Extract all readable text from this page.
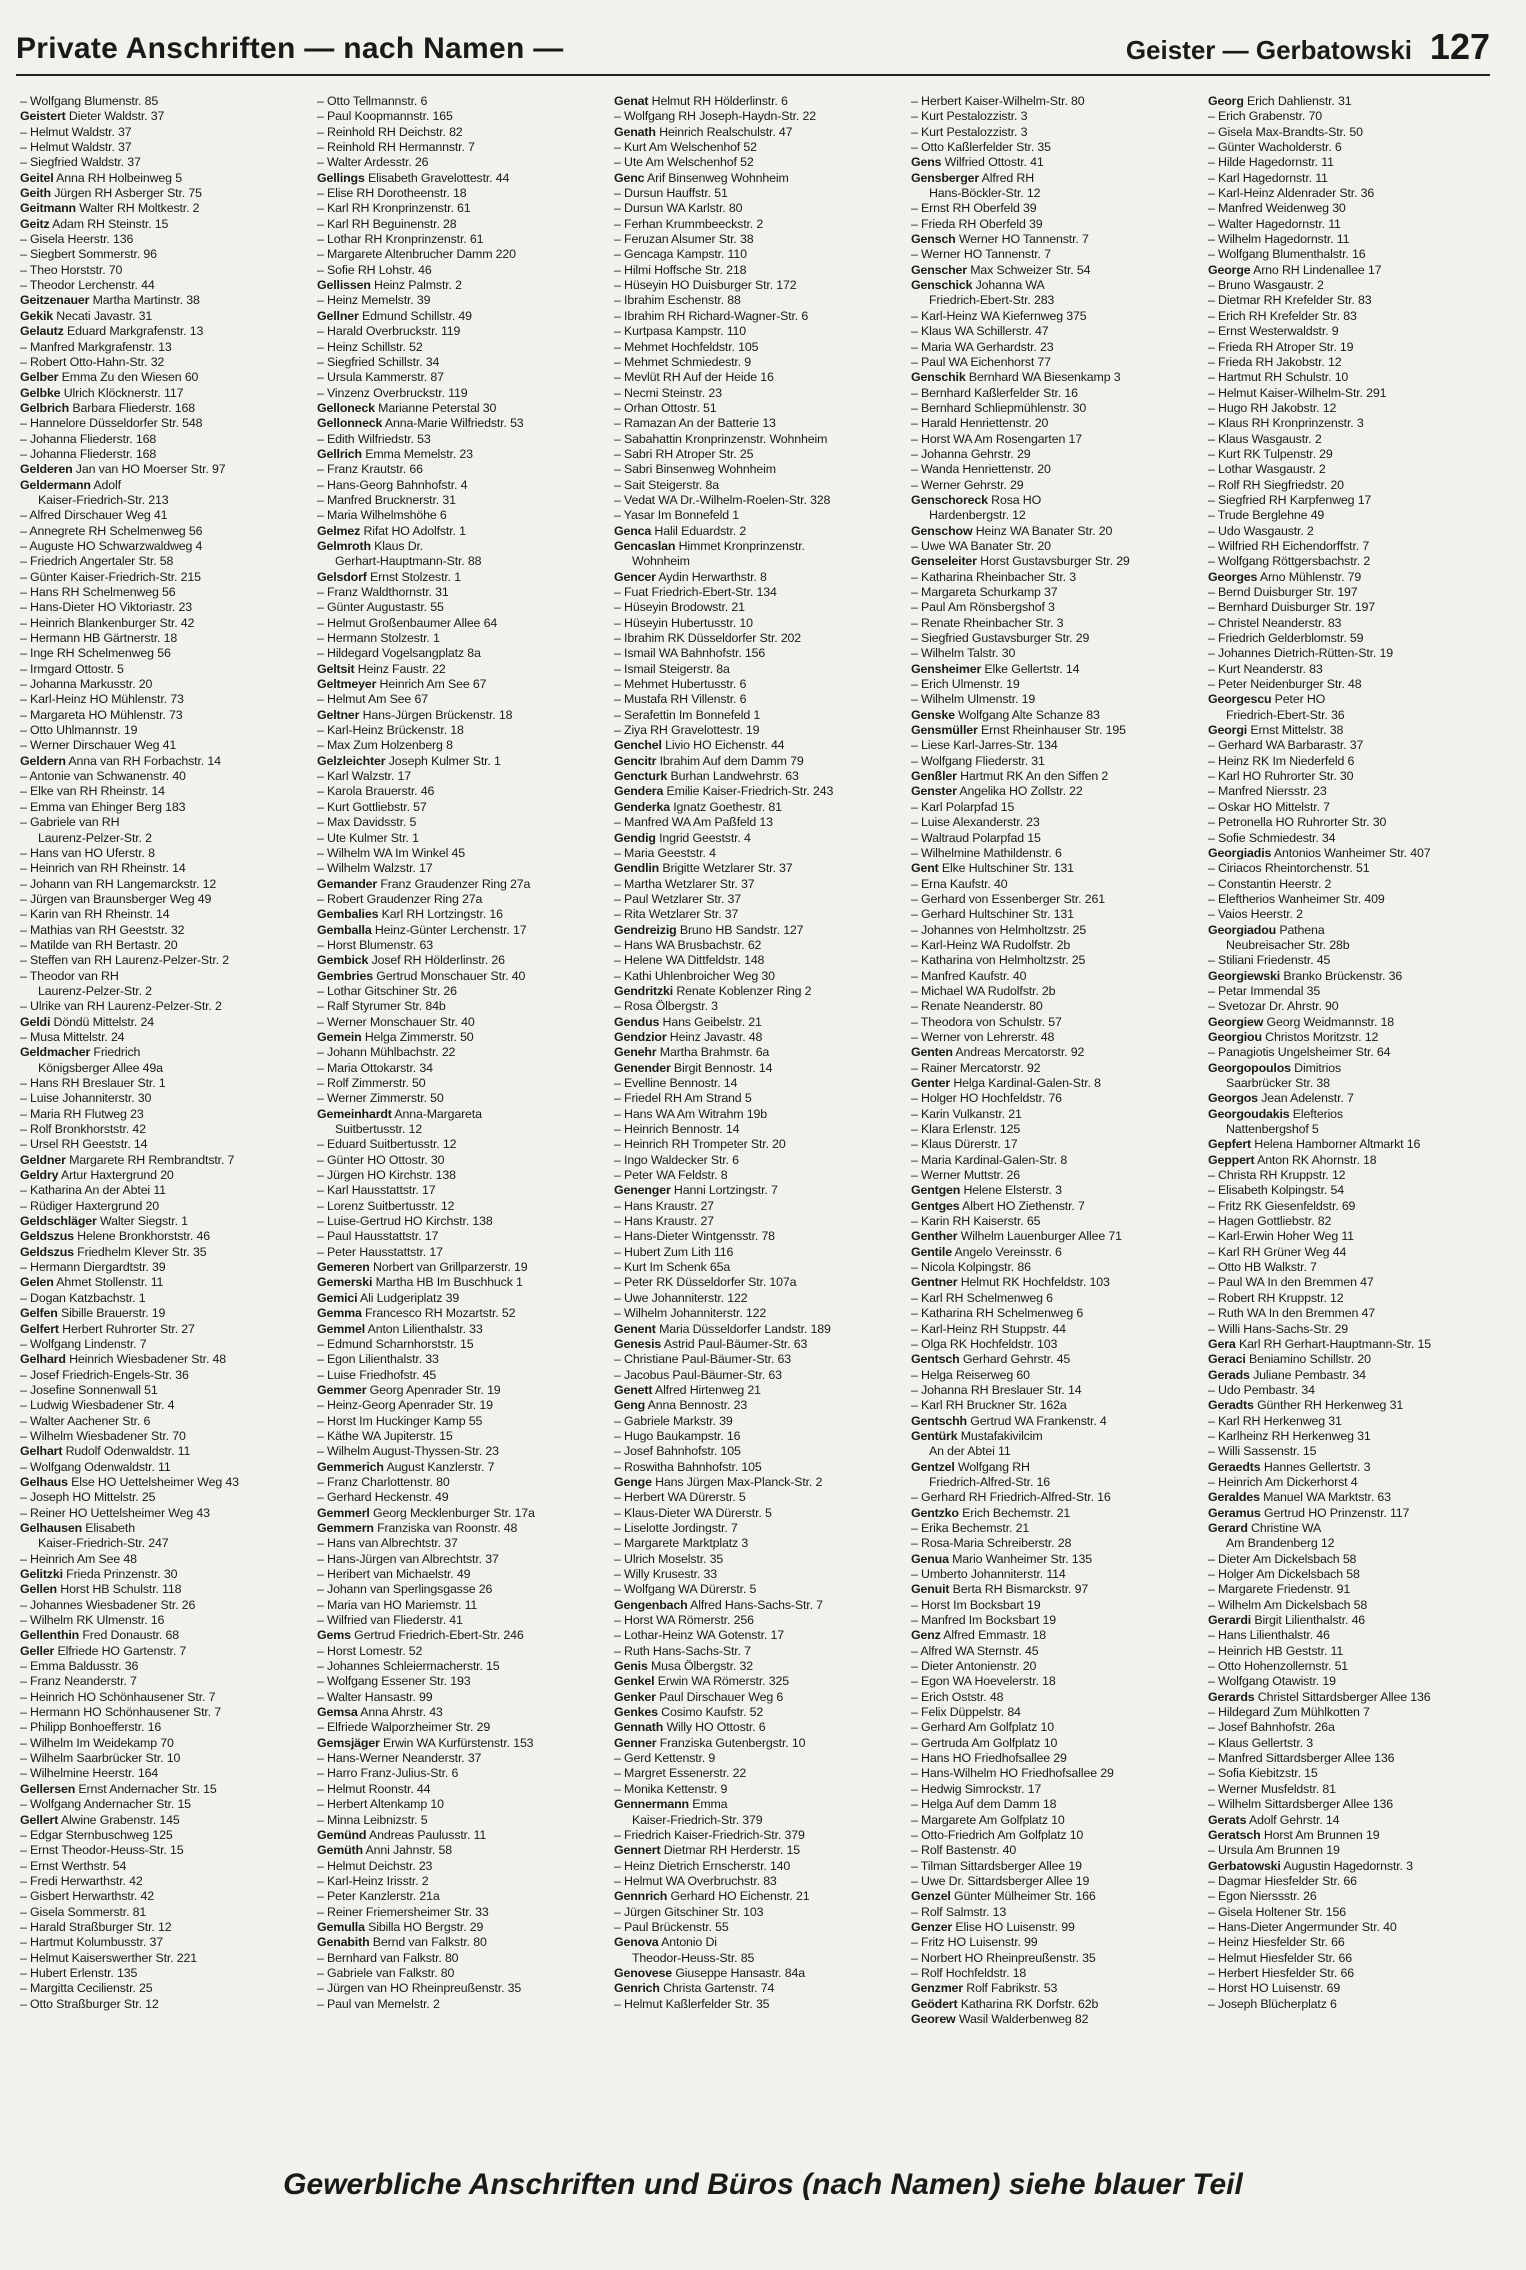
Private Anschriften — nach Namen —	Geister — Gerbatowski 127
– Wolfgang Blumenstr. 85
Geistert Dieter Waldstr. 37
– Helmut Waldstr. 37
– Helmut Waldstr. 37
– Siegfried Waldstr. 37
Geitel Anna RH Holbeinweg 5
Geith Jürgen RH Asberger Str. 75
Geitmann Walter RH Moltkestr. 2
Geitz Adam RH Steinstr. 15
– Gisela Heerstr. 136
– Siegbert Sommerstr. 96
– Theo Horststr. 70
– Theodor Lerchenstr. 44
Geitzenauer Martha Martinstr. 38
Gekik Necati Javastr. 31
Gelautz Eduard Markgrafenstr. 13
– Manfred Markgrafenstr. 13
– Robert Otto-Hahn-Str. 32
Gelber Emma Zu den Wiesen 60
Gelbke Ulrich Klöcknerstr. 117
Gelbrich Barbara Fliederstr. 168
– Hannelore Düsseldorfer Str. 548
– Johanna Fliederstr. 168
– Johanna Fliederstr. 168
Gelderen Jan van HO Moerser Str. 97
Geldermann Adolf
Kaiser-Friedrich-Str. 213
– Alfred Dirschauer Weg 41
– Annegrete RH Schelmenweg 56
– Auguste HO Schwarzwaldweg 4
– Friedrich Angertaler Str. 58
– Günter Kaiser-Friedrich-Str. 215
– Hans RH Schelmenweg 56
– Hans-Dieter HO Viktoriastr. 23
– Heinrich Blankenburger Str. 42
– Hermann HB Gärtnerstr. 18
– Inge RH Schelmenweg 56
– Irmgard Ottostr. 5
– Johanna Markusstr. 20
– Karl-Heinz HO Mühlenstr. 73
– Margareta HO Mühlenstr. 73
– Otto Uhlmannstr. 19
– Werner Dirschauer Weg 41
Geldern Anna van RH Forbachstr. 14
– Antonie van Schwanenstr. 40
– Elke van RH Rheinstr. 14
– Emma van Ehinger Berg 183
– Gabriele van RH
Laurenz-Pelzer-Str. 2
– Hans van HO Uferstr. 8
– Heinrich van RH Rheinstr. 14
– Johann van RH Langemarckstr. 12
– Jürgen van Braunsberger Weg 49
– Karin van RH Rheinstr. 14
– Mathias van RH Geeststr. 32
– Matilde van RH Bertastr. 20
– Steffen van RH Laurenz-Pelzer-Str. 2
– Theodor van RH
Laurenz-Pelzer-Str. 2
– Ulrike van RH Laurenz-Pelzer-Str. 2
Geldi Döndü Mittelstr. 24
– Musa Mittelstr. 24
Geldmacher Friedrich
Königsberger Allee 49a
– Hans RH Breslauer Str. 1
– Luise Johanniterstr. 30
– Maria RH Flutweg 23
– Rolf Bronkhorststr. 42
– Ursel RH Geeststr. 14
Geldner Margarete RH Rembrandtstr. 7
Geldry Artur Haxtergrund 20
– Katharina An der Abtei 11
– Rüdiger Haxtergrund 20
Geldschläger Walter Siegstr. 1
Geldszus Helene Bronkhorststr. 46
Geldszus Friedhelm Klever Str. 35
– Hermann Diergardtstr. 39
Gelen Ahmet Stollenstr. 11
– Dogan Katzbachstr. 1
Gelfen Sibille Brauerstr. 19
Gelfert Herbert Ruhrorter Str. 27
– Wolfgang Lindenstr. 7
Gelhard Heinrich Wiesbadener Str. 48
– Josef Friedrich-Engels-Str. 36
– Josefine Sonnenwall 51
– Ludwig Wiesbadener Str. 4
– Walter Aachener Str. 6
– Wilhelm Wiesbadener Str. 70
Gelhart Rudolf Odenwaldstr. 11
– Wolfgang Odenwaldstr. 11
Gelhaus Else HO Uettelsheimer Weg 43
– Joseph HO Mittelstr. 25
– Reiner HO Uettelsheimer Weg 43
Gelhausen Elisabeth
Kaiser-Friedrich-Str. 247
– Heinrich Am See 48
Gelitzki Frieda Prinzenstr. 30
Gellen Horst HB Schulstr. 118
– Johannes Wiesbadener Str. 26
– Wilhelm RK Ulmenstr. 16
Gellenthin Fred Donaustr. 68
Geller Elfriede HO Gartenstr. 7
– Emma Baldusstr. 36
– Franz Neanderstr. 7
– Heinrich HO Schönhausener Str. 7
– Hermann HO Schönhausener Str. 7
– Philipp Bonhoefferstr. 16
– Wilhelm Im Weidekamp 70
– Wilhelm Saarbrücker Str. 10
– Wilhelmine Heerstr. 164
Gellersen Ernst Andernacher Str. 15
– Wolfgang Andernacher Str. 15
Gellert Alwine Grabenstr. 145
– Edgar Sternbuschweg 125
– Ernst Theodor-Heuss-Str. 15
– Ernst Werthstr. 54
– Fredi Herwarthstr. 42
– Gisbert Herwarthstr. 42
– Gisela Sommerstr. 81
– Harald Straßburger Str. 12
– Hartmut Kolumbusstr. 37
– Helmut Kaiserswerther Str. 221
– Hubert Erlenstr. 135
– Margitta Cecilienstr. 25
– Otto Straßburger Str. 12
– Otto Tellmannstr. 6
– Paul Koopmannstr. 165
– Reinhold RH Deichstr. 82
– Reinhold RH Hermannstr. 7
– Walter Ardesstr. 26
Gellings Elisabeth Gravelottestr. 44
– Elise RH Dorotheenstr. 18
– Karl RH Kronprinzenstr. 61
– Karl RH Beguinenstr. 28
– Lothar RH Kronprinzenstr. 61
– Margarete Altenbrucher Damm 220
– Sofie RH Lohstr. 46
Gellissen Heinz Palmstr. 2
– Heinz Memelstr. 39
Gellner Edmund Schillstr. 49
– Harald Overbruckstr. 119
– Heinz Schillstr. 52
– Siegfried Schillstr. 34
– Ursula Kammerstr. 87
– Vinzenz Overbruckstr. 119
Gelloneck Marianne Peterstal 30
Gellonneck Anna-Marie Wilfriedstr. 53
– Edith Wilfriedstr. 53
Gellrich Emma Memelstr. 23
– Franz Krautstr. 66
– Hans-Georg Bahnhofstr. 4
– Manfred Brucknerstr. 31
– Maria Wilhelmshöhe 6
Gelmez Rifat HO Adolfstr. 1
Gelmroth Klaus Dr.
Gerhart-Hauptmann-Str. 88
Gelsdorf Ernst Stolzestr. 1
– Franz Waldthornstr. 31
– Günter Augustastr. 55
– Helmut Großenbaumer Allee 64
– Hermann Stolzestr. 1
– Hildegard Vogelsangplatz 8a
Geltsit Heinz Faustr. 22
Geltmeyer Heinrich Am See 67
– Helmut Am See 67
Geltner Hans-Jürgen Brückenstr. 18
– Karl-Heinz Brückenstr. 18
– Max Zum Holzenberg 8
Gelzleichter Joseph Kulmer Str. 1
– Karl Walzstr. 17
– Karola Brauerstr. 46
– Kurt Gottliebstr. 57
– Max Davidsstr. 5
– Ute Kulmer Str. 1
– Wilhelm WA Im Winkel 45
– Wilhelm Walzstr. 17
Gemander Franz Graudenzer Ring 27a
– Robert Graudenzer Ring 27a
Gembalies Karl RH Lortzingstr. 16
Gemballa Heinz-Günter Lerchenstr. 17
– Horst Blumenstr. 63
Gembick Josef RH Hölderlinstr. 26
Gembries Gertrud Monschauer Str. 40
– Lothar Gitschiner Str. 26
– Ralf Styrumer Str. 84b
– Werner Monschauer Str. 40
Gemein Helga Zimmerstr. 50
– Johann Mühlbachstr. 22
– Maria Ottokarstr. 34
– Rolf Zimmerstr. 50
– Werner Zimmerstr. 50
Gemeinhardt Anna-Margareta
Suitbertusstr. 12
– Eduard Suitbertusstr. 12
– Günter HO Ottostr. 30
– Jürgen HO Kirchstr. 138
– Karl Hausstattstr. 17
– Lorenz Suitbertusstr. 12
– Luise-Gertrud HO Kirchstr. 138
– Paul Hausstattstr. 17
– Peter Hausstattstr. 17
Gemeren Norbert van Grillparzerstr. 19
Gemerski Martha HB Im Buschhuck 1
Gemici Ali Ludgeriplatz 39
Gemma Francesco RH Mozartstr. 52
Gemmel Anton Lilienthalstr. 33
– Edmund Scharnhorststr. 15
– Egon Lilienthalstr. 33
– Luise Friedhofstr. 45
Gemmer Georg Apenrader Str. 19
– Heinz-Georg Apenrader Str. 19
– Horst Im Huckinger Kamp 55
– Käthe WA Jupiterstr. 15
– Wilhelm August-Thyssen-Str. 23
Gemmerich August Kanzlerstr. 7
– Franz Charlottenstr. 80
– Gerhard Heckenstr. 49
Gemmerl Georg Mecklenburger Str. 17a
Gemmern Franziska van Roonstr. 48
– Hans van Albrechtstr. 37
– Hans-Jürgen van Albrechtstr. 37
– Heribert van Michaelstr. 49
– Johann van Sperlingsgasse 26
– Maria van HO Mariemstr. 11
– Wilfried van Fliederstr. 41
Gems Gertrud Friedrich-Ebert-Str. 246
– Horst Lomestr. 52
– Johannes Schleiermacherstr. 15
– Wolfgang Essener Str. 193
– Walter Hansastr. 99
Gemsa Anna Ahrstr. 43
– Elfriede Walporzheimer Str. 29
Gemsjäger Erwin WA Kurfürstenstr. 153
– Hans-Werner Neanderstr. 37
– Harro Franz-Julius-Str. 6
– Helmut Roonstr. 44
– Herbert Altenkamp 10
– Minna Leibnizstr. 5
Gemünd Andreas Paulusstr. 11
Gemüth Anni Jahnstr. 58
– Helmut Deichstr. 23
– Karl-Heinz Irisstr. 2
– Peter Kanzlerstr. 21a
– Reiner Friemersheimer Str. 33
Gemulla Sibilla HO Bergstr. 29
Genabith Bernd van Falkstr. 80
– Bernhard van Falkstr. 80
– Gabriele van Falkstr. 80
– Jürgen van HO Rheinpreußenstr. 35
– Paul van Memelstr. 2
Genat Helmut RH Hölderlinstr. 6
– Wolfgang RH Joseph-Haydn-Str. 22
Genath Heinrich Realschulstr. 47
– Kurt Am Welschenhof 52
– Ute Am Welschenhof 52
Genc Arif Binsenweg Wohnheim
– Dursun Hauffstr. 51
– Dursun WA Karlstr. 80
– Ferhan Krummbeeckstr. 2
– Feruzan Alsumer Str. 38
– Gencaga Kampstr. 110
– Hilmi Hoffsche Str. 218
– Hüseyin HO Duisburger Str. 172
– Ibrahim Eschenstr. 88
– Ibrahim RH Richard-Wagner-Str. 6
– Kurtpasa Kampstr. 110
– Mehmet Hochfeldstr. 105
– Mehmet Schmiedestr. 9
– Mevlüt RH Auf der Heide 16
– Necmi Steinstr. 23
– Orhan Ottostr. 51
– Ramazan An der Batterie 13
– Sabahattin Kronprinzenstr. Wohnheim
– Sabri RH Atroper Str. 25
– Sabri Binsenweg Wohnheim
– Sait Steigerstr. 8a
– Vedat WA Dr.-Wilhelm-Roelen-Str. 328
– Yasar Im Bonnefeld 1
Genca Halil Eduardstr. 2
Gencaslan Himmet Kronprinzenstr.
Wohnheim
Gencer Aydin Herwarthstr. 8
– Fuat Friedrich-Ebert-Str. 134
– Hüseyin Brodowstr. 21
– Hüseyin Hubertusstr. 10
– Ibrahim RK Düsseldorfer Str. 202
– Ismail WA Bahnhofstr. 156
– Ismail Steigerstr. 8a
– Mehmet Hubertusstr. 6
– Mustafa RH Villenstr. 6
– Serafettin Im Bonnefeld 1
– Ziya RH Gravelottestr. 19
Genchel Livio HO Eichenstr. 44
Gencitr Ibrahim Auf dem Damm 79
Gencturk Burhan Landwehrstr. 63
Gendera Emilie Kaiser-Friedrich-Str. 243
Genderka Ignatz Goethestr. 81
– Manfred WA Am Paßfeld 13
Gendig Ingrid Geeststr. 4
– Maria Geeststr. 4
Gendlin Brigitte Wetzlarer Str. 37
– Martha Wetzlarer Str. 37
– Paul Wetzlarer Str. 37
– Rita Wetzlarer Str. 37
Gendreizig Bruno HB Sandstr. 127
– Hans WA Brusbachstr. 62
– Helene WA Dittfeldstr. 148
– Kathi Uhlenbroicher Weg 30
Gendritzki Renate Koblenzer Ring 2
– Rosa Ölbergstr. 3
Gendus Hans Geibelstr. 21
Gendzior Heinz Javastr. 48
Genehr Martha Brahmstr. 6a
Genender Birgit Bennostr. 14
– Evelline Bennostr. 14
– Friedel RH Am Strand 5
– Hans WA Am Witrahm 19b
– Heinrich Bennostr. 14
– Heinrich RH Trompeter Str. 20
– Ingo Waldecker Str. 6
– Peter WA Feldstr. 8
Genenger Hanni Lortzingstr. 7
– Hans Kraustr. 27
– Hans Kraustr. 27
– Hans-Dieter Wintgensstr. 78
– Hubert Zum Lith 116
– Kurt Im Schenk 65a
– Peter RK Düsseldorfer Str. 107a
– Uwe Johanniterstr. 122
– Wilhelm Johanniterstr. 122
Genent Maria Düsseldorfer Landstr. 189
Genesis Astrid Paul-Bäumer-Str. 63
– Christiane Paul-Bäumer-Str. 63
– Jacobus Paul-Bäumer-Str. 63
Genett Alfred Hirtenweg 21
Geng Anna Bennostr. 23
– Gabriele Markstr. 39
– Hugo Baukampstr. 16
– Josef Bahnhofstr. 105
– Roswitha Bahnhofstr. 105
Genge Hans Jürgen Max-Planck-Str. 2
– Herbert WA Dürerstr. 5
– Klaus-Dieter WA Dürerstr. 5
– Liselotte Jordingstr. 7
– Margarete Marktplatz 3
– Ulrich Moselstr. 35
– Willy Krusestr. 33
– Wolfgang WA Dürerstr. 5
Gengenbach Alfred Hans-Sachs-Str. 7
– Horst WA Römerstr. 256
– Lothar-Heinz WA Gotenstr. 17
– Ruth Hans-Sachs-Str. 7
Genis Musa Ölbergstr. 32
Genkel Erwin WA Römerstr. 325
Genker Paul Dirschauer Weg 6
Genkes Cosimo Kaufstr. 52
Gennath Willy HO Ottostr. 6
Genner Franziska Gutenbergstr. 10
– Gerd Kettenstr. 9
– Margret Essenerstr. 22
– Monika Kettenstr. 9
Gennermann Emma
Kaiser-Friedrich-Str. 379
– Friedrich Kaiser-Friedrich-Str. 379
Gennert Dietmar RH Herderstr. 15
– Heinz Dietrich Ernscherstr. 140
– Helmut WA Overbruchstr. 83
Gennrich Gerhard HO Eichenstr. 21
– Jürgen Gitschiner Str. 103
– Paul Brückenstr. 55
Genova Antonio Di
Theodor-Heuss-Str. 85
Genovese Giuseppe Hansastr. 84a
Genrich Christa Gartenstr. 74
– Helmut Kaßlerfelder Str. 35
– Herbert Kaiser-Wilhelm-Str. 80
– Kurt Pestalozzistr. 3
– Kurt Pestalozzistr. 3
– Otto Kaßlerfelder Str. 35
Gens Wilfried Ottostr. 41
Gensberger Alfred RH
Hans-Böckler-Str. 12
– Ernst RH Oberfeld 39
– Frieda RH Oberfeld 39
Gensch Werner HO Tannenstr. 7
– Werner HO Tannenstr. 7
Genscher Max Schweizer Str. 54
Genschick Johanna WA
Friedrich-Ebert-Str. 283
– Karl-Heinz WA Kiefernweg 375
– Klaus WA Schillerstr. 47
– Maria WA Gerhardstr. 23
– Paul WA Eichenhorst 77
Genschik Bernhard WA Biesenkamp 3
– Bernhard Kaßlerfelder Str. 16
– Bernhard Schliepmühlenstr. 30
– Harald Henriettenstr. 20
– Horst WA Am Rosengarten 17
– Johanna Gehrstr. 29
– Wanda Henriettenstr. 20
– Werner Gehrstr. 29
Genschoreck Rosa HO
Hardenbergstr. 12
Genschow Heinz WA Banater Str. 20
– Uwe WA Banater Str. 20
Genseleiter Horst Gustavsburger Str. 29
– Katharina Rheinbacher Str. 3
– Margareta Schurkamp 37
– Paul Am Rönsbergshof 3
– Renate Rheinbacher Str. 3
– Siegfried Gustavsburger Str. 29
– Wilhelm Talstr. 30
Gensheimer Elke Gellertstr. 14
– Erich Ulmenstr. 19
– Wilhelm Ulmenstr. 19
Genske Wolfgang Alte Schanze 83
Gensmüller Ernst Rheinhauser Str. 195
– Liese Karl-Jarres-Str. 134
– Wolfgang Fliederstr. 31
Genßler Hartmut RK An den Siffen 2
Genster Angelika HO Zollstr. 22
– Karl Polarpfad 15
– Luise Alexanderstr. 23
– Waltraud Polarpfad 15
– Wilhelmine Mathildenstr. 6
Gent Elke Hultschiner Str. 131
– Erna Kaufstr. 40
– Gerhard von Essenberger Str. 261
– Gerhard Hultschiner Str. 131
– Johannes von Helmholtzstr. 25
– Karl-Heinz WA Rudolfstr. 2b
– Katharina von Helmholtzstr. 25
– Manfred Kaufstr. 40
– Michael WA Rudolfstr. 2b
– Renate Neanderstr. 80
– Theodora von Schulstr. 57
– Werner von Lehrerstr. 48
Genten Andreas Mercatorstr. 92
– Rainer Mercatorstr. 92
Genter Helga Kardinal-Galen-Str. 8
– Holger HO Hochfeldstr. 76
– Karin Vulkanstr. 21
– Klara Erlenstr. 125
– Klaus Dürerstr. 17
– Maria Kardinal-Galen-Str. 8
– Werner Muttstr. 26
Gentgen Helene Elsterstr. 3
Gentges Albert HO Ziethenstr. 7
– Karin RH Kaiserstr. 65
Genther Wilhelm Lauenburger Allee 71
Gentile Angelo Vereinsstr. 6
– Nicola Kolpingstr. 86
Gentner Helmut RK Hochfeldstr. 103
– Karl RH Schelmenweg 6
– Katharina RH Schelmenweg 6
– Karl-Heinz RH Stuppstr. 44
– Olga RK Hochfeldstr. 103
Gentsch Gerhard Gehrstr. 45
– Helga Reiserweg 60
– Johanna RH Breslauer Str. 14
– Karl RH Bruckner Str. 162a
Gentschh Gertrud WA Frankenstr. 4
Gentürk Mustafakivilcim
An der Abtei 11
Gentzel Wolfgang RH
Friedrich-Alfred-Str. 16
– Gerhard RH Friedrich-Alfred-Str. 16
Gentzko Erich Bechemstr. 21
– Erika Bechemstr. 21
– Rosa-Maria Schreiberstr. 28
Genua Mario Wanheimer Str. 135
– Umberto Johanniterstr. 114
Genuit Berta RH Bismarckstr. 97
– Horst Im Bocksbart 19
– Manfred Im Bocksbart 19
Genz Alfred Emmastr. 18
– Alfred WA Sternstr. 45
– Dieter Antonienstr. 20
– Egon WA Hoevelerstr. 18
– Erich Oststr. 48
– Felix Düppelstr. 84
– Gerhard Am Golfplatz 10
– Gertruda Am Golfplatz 10
– Hans HO Friedhofsallee 29
– Hans-Wilhelm HO Friedhofsallee 29
– Hedwig Simrockstr. 17
– Helga Auf dem Damm 18
– Margarete Am Golfplatz 10
– Otto-Friedrich Am Golfplatz 10
– Rolf Bastenstr. 40
– Tilman Sittardsberger Allee 19
– Uwe Dr. Sittardsberger Allee 19
Genzel Günter Mülheimer Str. 166
– Rolf Salmstr. 13
Genzer Elise HO Luisenstr. 99
– Fritz HO Luisenstr. 99
– Norbert HO Rheinpreußenstr. 35
– Rolf Hochfeldstr. 18
Genzmer Rolf Fabrikstr. 53
Geödert Katharina RK Dorfstr. 62b
Georew Wasil Walderbenweg 82
Georg Erich Dahlienstr. 31
– Erich Grabenstr. 70
– Gisela Max-Brandts-Str. 50
– Günter Wacholderstr. 6
– Hilde Hagedornstr. 11
– Karl Hagedornstr. 11
– Karl-Heinz Aldenrader Str. 36
– Manfred Weidenweg 30
– Walter Hagedornstr. 11
– Wilhelm Hagedornstr. 11
– Wolfgang Blumenthalstr. 16
George Arno RH Lindenallee 17
– Bruno Wasgaustr. 2
– Dietmar RH Krefelder Str. 83
– Erich RH Krefelder Str. 83
– Ernst Westerwaldstr. 9
– Frieda RH Atroper Str. 19
– Frieda RH Jakobstr. 12
– Hartmut RH Schulstr. 10
– Helmut Kaiser-Wilhelm-Str. 291
– Hugo RH Jakobstr. 12
– Klaus RH Kronprinzenstr. 3
– Klaus Wasgaustr. 2
– Kurt RK Tulpenstr. 29
– Lothar Wasgaustr. 2
– Rolf RH Siegfriedstr. 20
– Siegfried RH Karpfenweg 17
– Trude Berglehne 49
– Udo Wasgaustr. 2
– Wilfried RH Eichendorffstr. 7
– Wolfgang Röttgersbachstr. 2
Georges Arno Mühlenstr. 79
– Bernd Duisburger Str. 197
– Bernhard Duisburger Str. 197
– Christel Neanderstr. 83
– Friedrich Gelderblomstr. 59
– Johannes Dietrich-Rütten-Str. 19
– Kurt Neanderstr. 83
– Peter Neidenburger Str. 48
Georgescu Peter HO
Friedrich-Ebert-Str. 36
Georgi Ernst Mittelstr. 38
– Gerhard WA Barbarastr. 37
– Heinz RK Im Niederfeld 6
– Karl HO Ruhrorter Str. 30
– Manfred Niersstr. 23
– Oskar HO Mittelstr. 7
– Petronella HO Ruhrorter Str. 30
– Sofie Schmiedestr. 34
Georgiadis Antonios Wanheimer Str. 407
– Ciriacos Rheintorchenstr. 51
– Constantin Heerstr. 2
– Eleftherios Wanheimer Str. 409
– Vaios Heerstr. 2
Georgiadou Pathena
Neubreisacher Str. 28b
– Stiliani Friedenstr. 45
Georgiewski Branko Brückenstr. 36
– Petar Immendal 35
– Svetozar Dr. Ahrstr. 90
Georgiew Georg Weidmannstr. 18
Georgiou Christos Moritzstr. 12
– Panagiotis Ungelsheimer Str. 64
Georgopoulos Dimitrios
Saarbrücker Str. 38
Georgos Jean Adelenstr. 7
Georgoudakis Elefterios
Nattenbergshof 5
Gepfert Helena Hamborner Altmarkt 16
Geppert Anton RK Ahornstr. 18
– Christa RH Kruppstr. 12
– Elisabeth Kolpingstr. 54
– Fritz RK Giesenfeldstr. 69
– Hagen Gottliebstr. 82
– Karl-Erwin Hoher Weg 11
– Karl RH Grüner Weg 44
– Otto HB Walkstr. 7
– Paul WA In den Bremmen 47
– Robert RH Kruppstr. 12
– Ruth WA In den Bremmen 47
– Willi Hans-Sachs-Str. 29
Gera Karl RH Gerhart-Hauptmann-Str. 15
Geraci Beniamino Schillstr. 20
Gerads Juliane Pembastr. 34
– Udo Pembastr. 34
Geradts Günther RH Herkenweg 31
– Karl RH Herkenweg 31
– Karlheinz RH Herkenweg 31
– Willi Sassenstr. 15
Geraedts Hannes Gellertstr. 3
– Heinrich Am Dickerhorst 4
Geraldes Manuel WA Marktstr. 63
Geramus Gertrud HO Prinzenstr. 117
Gerard Christine WA
Am Brandenberg 12
– Dieter Am Dickelsbach 58
– Holger Am Dickelsbach 58
– Margarete Friedenstr. 91
– Wilhelm Am Dickelsbach 58
Gerardi Birgit Lilienthalstr. 46
– Hans Lilienthalstr. 46
– Heinrich HB Geststr. 11
– Otto Hohenzollernstr. 51
– Wolfgang Otawistr. 19
Gerards Christel Sittardsberger Allee 136
– Hildegard Zum Mühlkotten 7
– Josef Bahnhofstr. 26a
– Klaus Gellertstr. 3
– Manfred Sittardsberger Allee 136
– Sofia Kiebitzstr. 15
– Werner Musfeldstr. 81
– Wilhelm Sittardsberger Allee 136
Gerats Adolf Gehrstr. 14
Geratsch Horst Am Brunnen 19
– Ursula Am Brunnen 19
Gerbatowski Augustin Hagedornstr. 3
– Dagmar Hiesfelder Str. 66
– Egon Nierssstr. 26
– Gisela Holtener Str. 156
– Hans-Dieter Angermunder Str. 40
– Heinz Hiesfelder Str. 66
– Helmut Hiesfelder Str. 66
– Herbert Hiesfelder Str. 66
– Horst HO Luisenstr. 69
– Joseph Blücherplatz 6
Gewerbliche Anschriften und Büros (nach Namen) siehe blauer Teil
